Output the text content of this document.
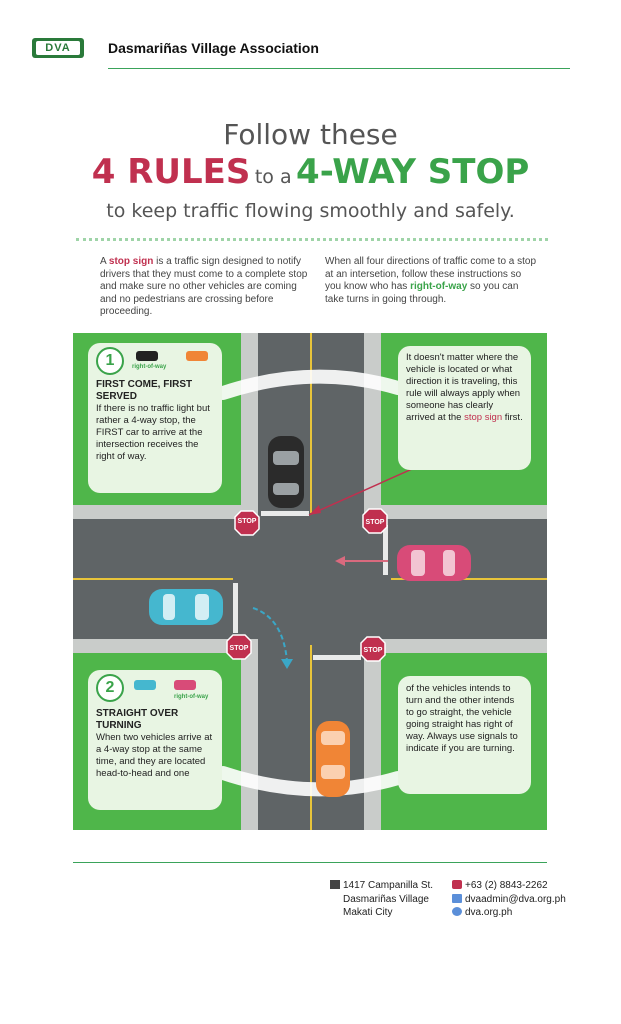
DVA	Dasmariñas Village Association
Follow these
4 RULES to a 4-WAY STOP
to keep traffic flowing smoothly and safely.
A stop sign is a traffic sign designed to notify drivers that they must come to a complete stop and make sure no other vehicles are coming and no pedestrians are crossing before proceeding.
When all four directions of traffic come to a stop at an intersetion, follow these instructions so you know who has right-of-way so you can take turns in going through.
STOP	STOP
STOP	STOP
1	right-of-way
FIRST COME, FIRST SERVED
If there is no traffic light but rather a 4-way stop, the FIRST car to arrive at the intersection receives the right of way.
It doesn't matter where the vehicle is located or what direction it is traveling, this rule will always apply when someone has clearly arrived at the stop sign first.
2
right-of-way
STRAIGHT OVER TURNING
When two vehicles arrive at a 4-way stop at the same time, and they are located head-to-head and one
of the vehicles intends to turn and the other intends to go straight, the vehicle going straight has right of way. Always use signals to indicate if you are turning.
1417 Campanilla St.
Dasmariñas Village
Makati City
+63 (2) 8843-2262
dvaadmin@dva.org.ph
dva.org.ph
